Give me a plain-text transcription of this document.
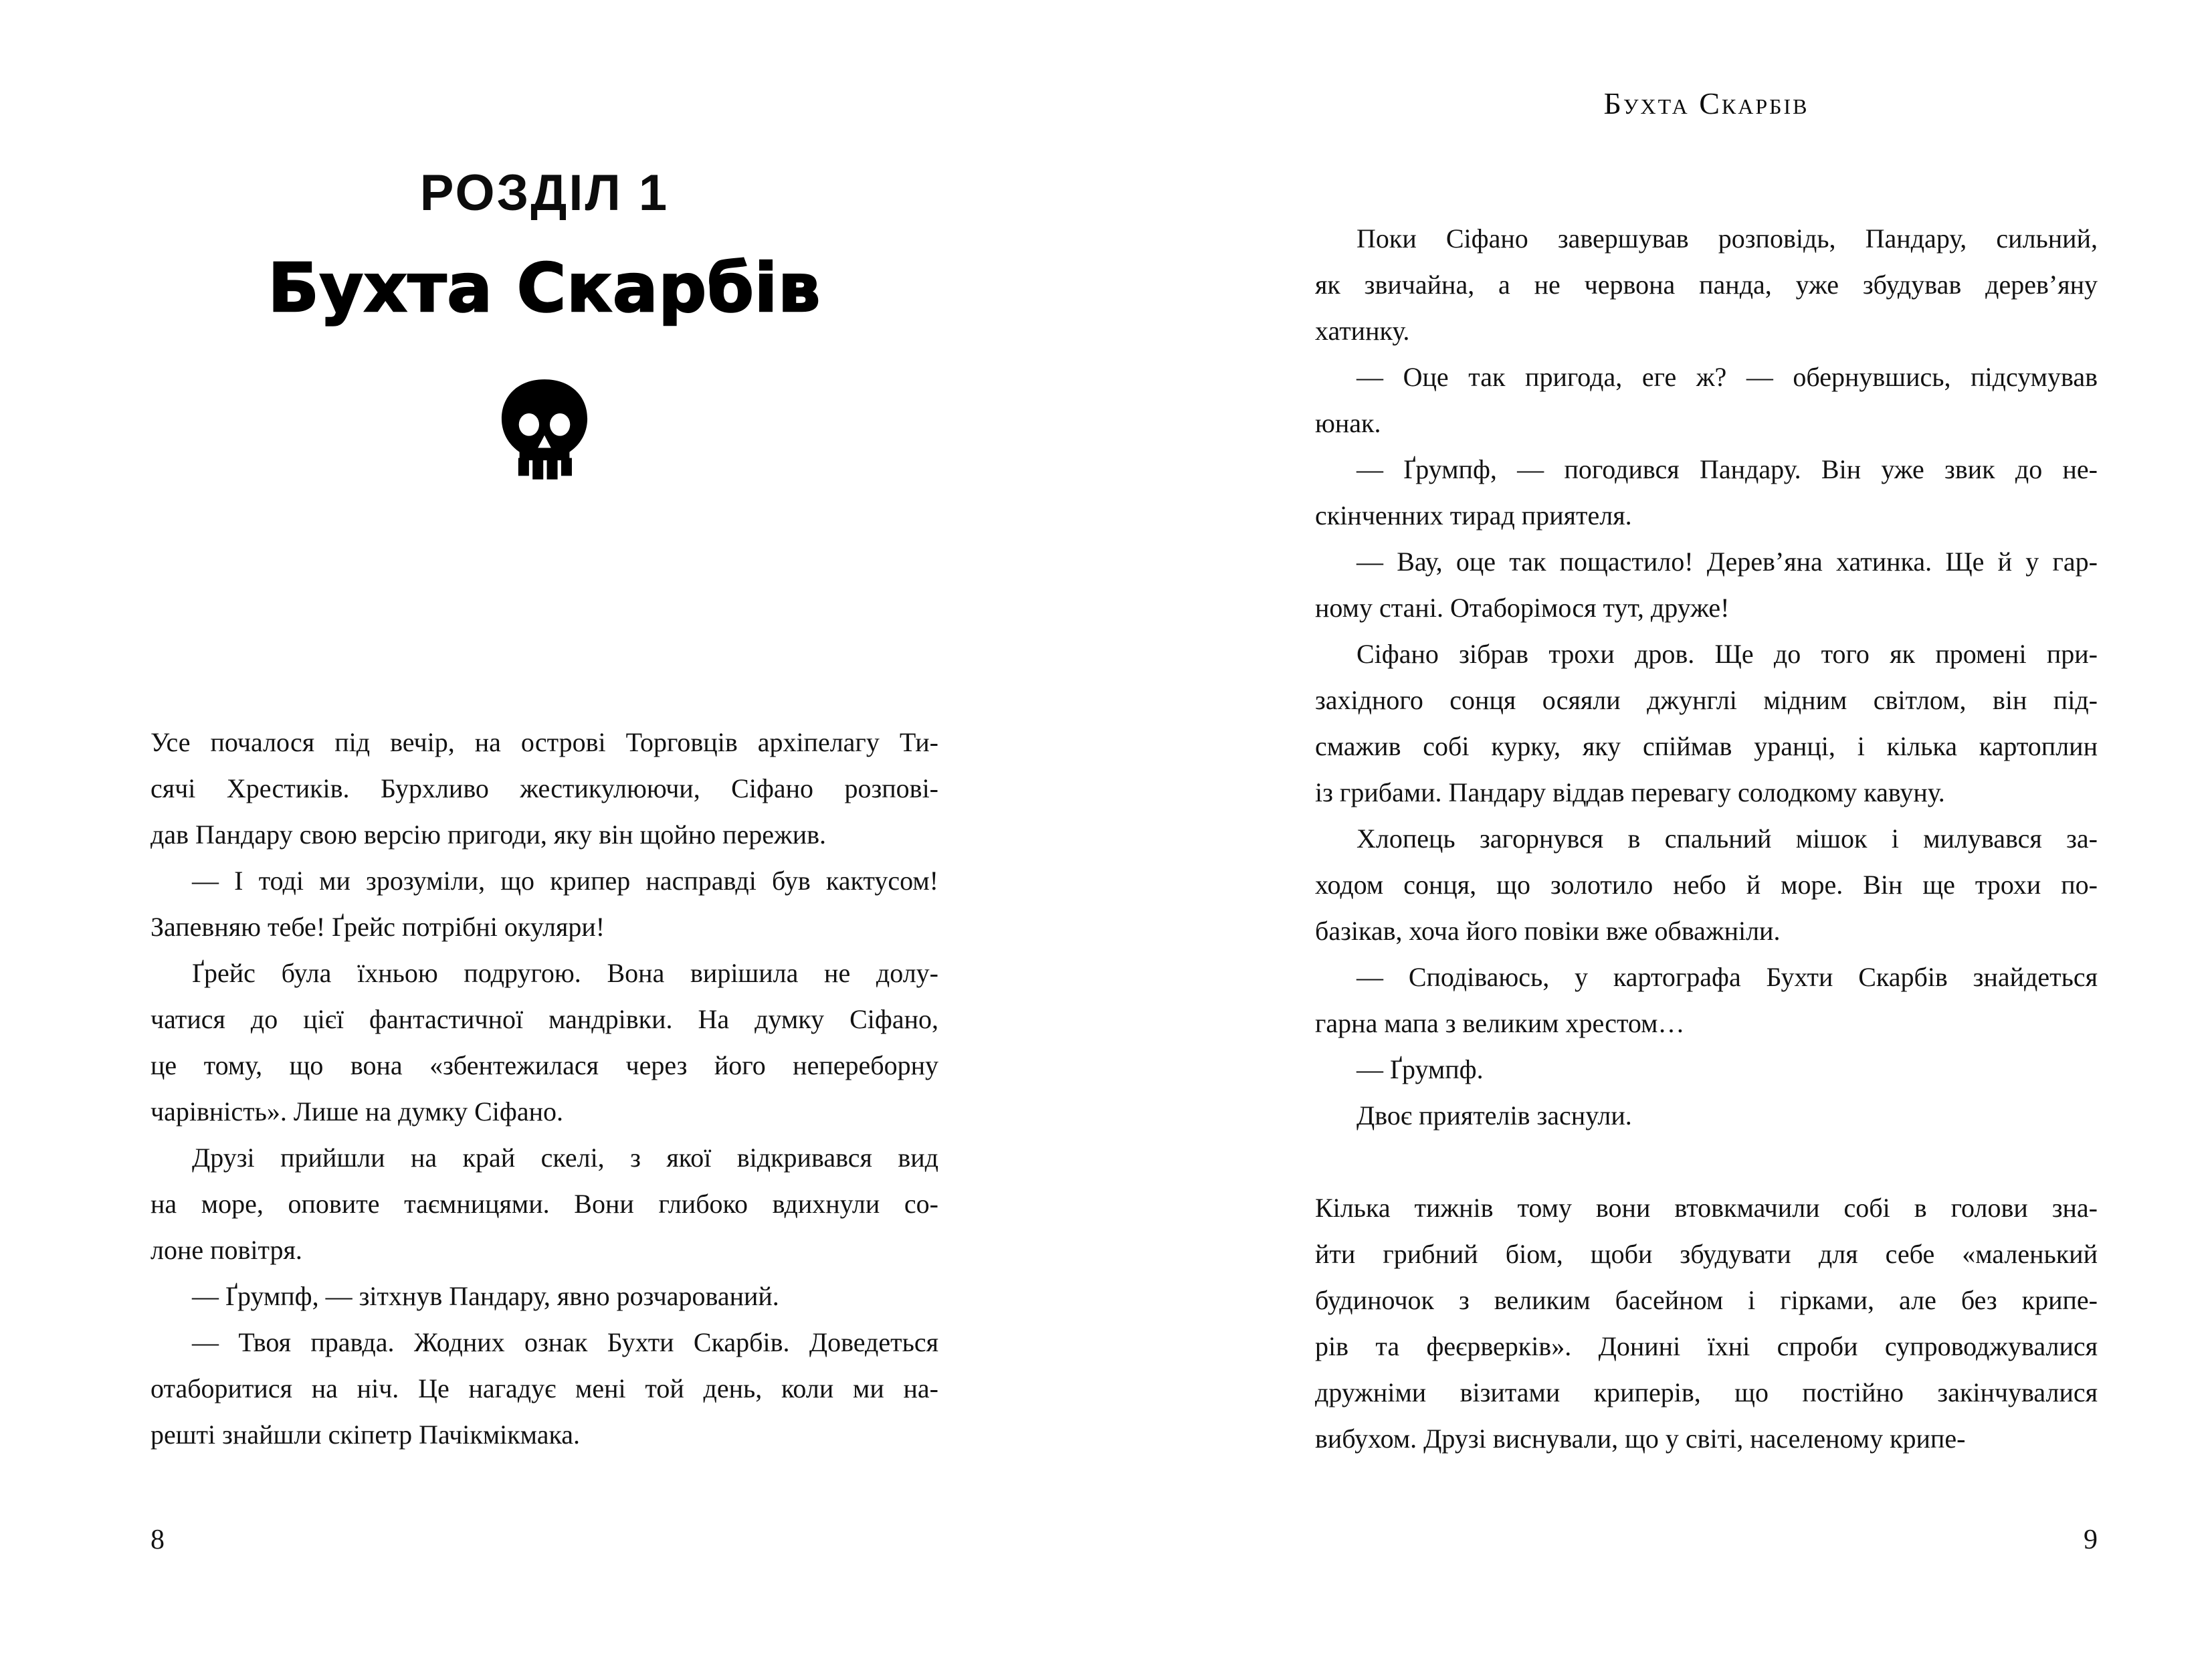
РОЗДІЛ 1
Бухта Скарбів
Усе почалося під вечір, на острові Торговців архіпелагу Ти-
сячі Хрестиків. Бурхливо жестикулюючи, Сіфано розпові-
дав Пандару свою версію пригоди, яку він щойно пережив.
— І тоді ми зрозуміли, що крипер насправді був кактусом!
Запевняю тебе! Ґрейс потрібні окуляри!
Ґрейс була їхньою подругою. Вона вирішила не долу-
чатися до цієї фантастичної мандрівки. На думку Сіфано,
це тому, що вона «збентежилася через його непереборну
чарівність». Лише на думку Сіфано.
Друзі прийшли на край скелі, з якої відкривався вид
на море, оповите таємницями. Вони глибоко вдихнули со-
лоне повітря.
— Ґрумпф, — зітхнув Пандару, явно розчарований.
— Твоя правда. Жодних ознак Бухти Скарбів. Доведеться
отаборитися на ніч. Це нагадує мені той день, коли ми на-
решті знайшли скіпетр Пачікмікмака.
8
Бухта Скарбів
Поки Сіфано завершував розповідь, Пандару, сильний,
як звичайна, а не червона панда, уже збудував дерев’яну
хатинку.
— Оце так пригода, еге ж? — обернувшись, підсумував
юнак.
— Ґрумпф, — погодився Пандару. Він уже звик до не-
скінченних тирад приятеля.
— Вау, оце так пощастило! Дерев’яна хатинка. Ще й у гар-
ному стані. Отаборімося тут, друже!
Сіфано зібрав трохи дров. Ще до того як промені при-
західного сонця осяяли джунглі мідним світлом, він під-
смажив собі курку, яку спіймав уранці, і кілька картоплин
із грибами. Пандару віддав перевагу солодкому кавуну.
Хлопець загорнувся в спальний мішок і милувався за-
ходом сонця, що золотило небо й море. Він ще трохи по-
базікав, хоча його повіки вже обважніли.
— Сподіваюсь, у картографа Бухти Скарбів знайдеться
гарна мапа з великим хрестом…
— Ґрумпф.
Двоє приятелів заснули.
Кілька тижнів тому вони втовкмачили собі в голови зна-
йти грибний біом, щоби збудувати для себе «маленький
будиночок з великим басейном і гірками, але без крипе-
рів та феєрверків». Донині їхні спроби супроводжувалися
дружніми візитами криперів, що постійно закінчувалися
вибухом. Друзі виснували, що у світі, населеному крипе-
9
